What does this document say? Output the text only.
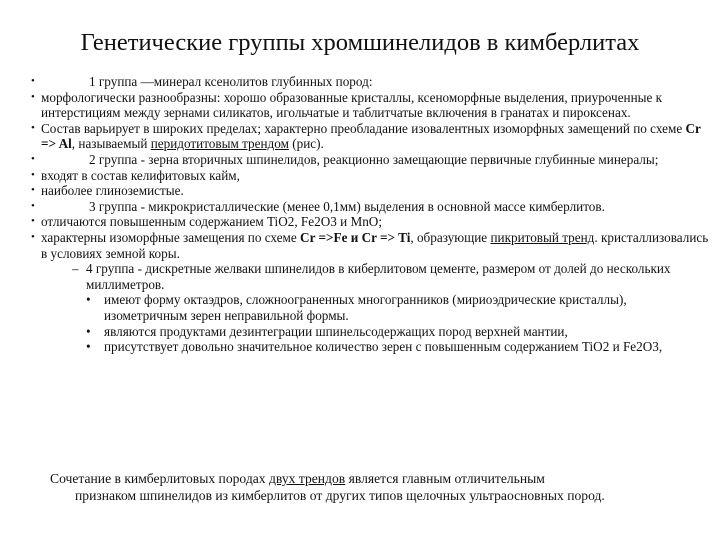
Генетические группы хромшинелидов в кимберлитах
•	1 группа —минерал ксенолитов глубинных пород:
• морфологически разнообразны: хорошо образованные кристаллы, ксеноморфные выделения, приуроченные к интерстициям между зернами силикатов, игольчатые и таблитчатые включения в гранатах и пироксенах.
• Состав варьирует в широких пределах; характерно преобладание изовалентных изоморфных замещений по схеме Cr => Al, называемый перидотитовым трендом (рис).
•	2 группа - зерна вторичных шпинелидов, реакционно замещающие первичные глубинные минералы;
• входят в состав келифитовых кайм,
• наиболее глиноземистые.
•	3 группа - микрокристаллические (менее 0,1мм) выделения в основной массе кимберлитов.
• отличаются повышенным содержанием TiO2, Fe2O3 и MnO;
• характерны изоморфные замещения по схеме Cr =>Fe и Cr => Ti, образующие пикритовый тренд. кристаллизовались в условиях земной коры.
– 4 группа - дискретные желваки шпинелидов в киберлитовом цементе, размером от долей до нескольких миллиметров.
• имеют форму октаэдров, сложноограненных многогранников (мириоэдрические кристаллы), изометричным зерен неправильной формы.
• являются продуктами дезинтеграции шпинельсодержащих пород верхней мантии,
• присутствует довольно значительное количество зерен с повышенным содержанием TiO2 и Fe2O3,
Сочетание в кимберлитовых породах двух трендов является главным отличительным
признаком шпинелидов из кимберлитов от других типов щелочных ультраосновных пород.
